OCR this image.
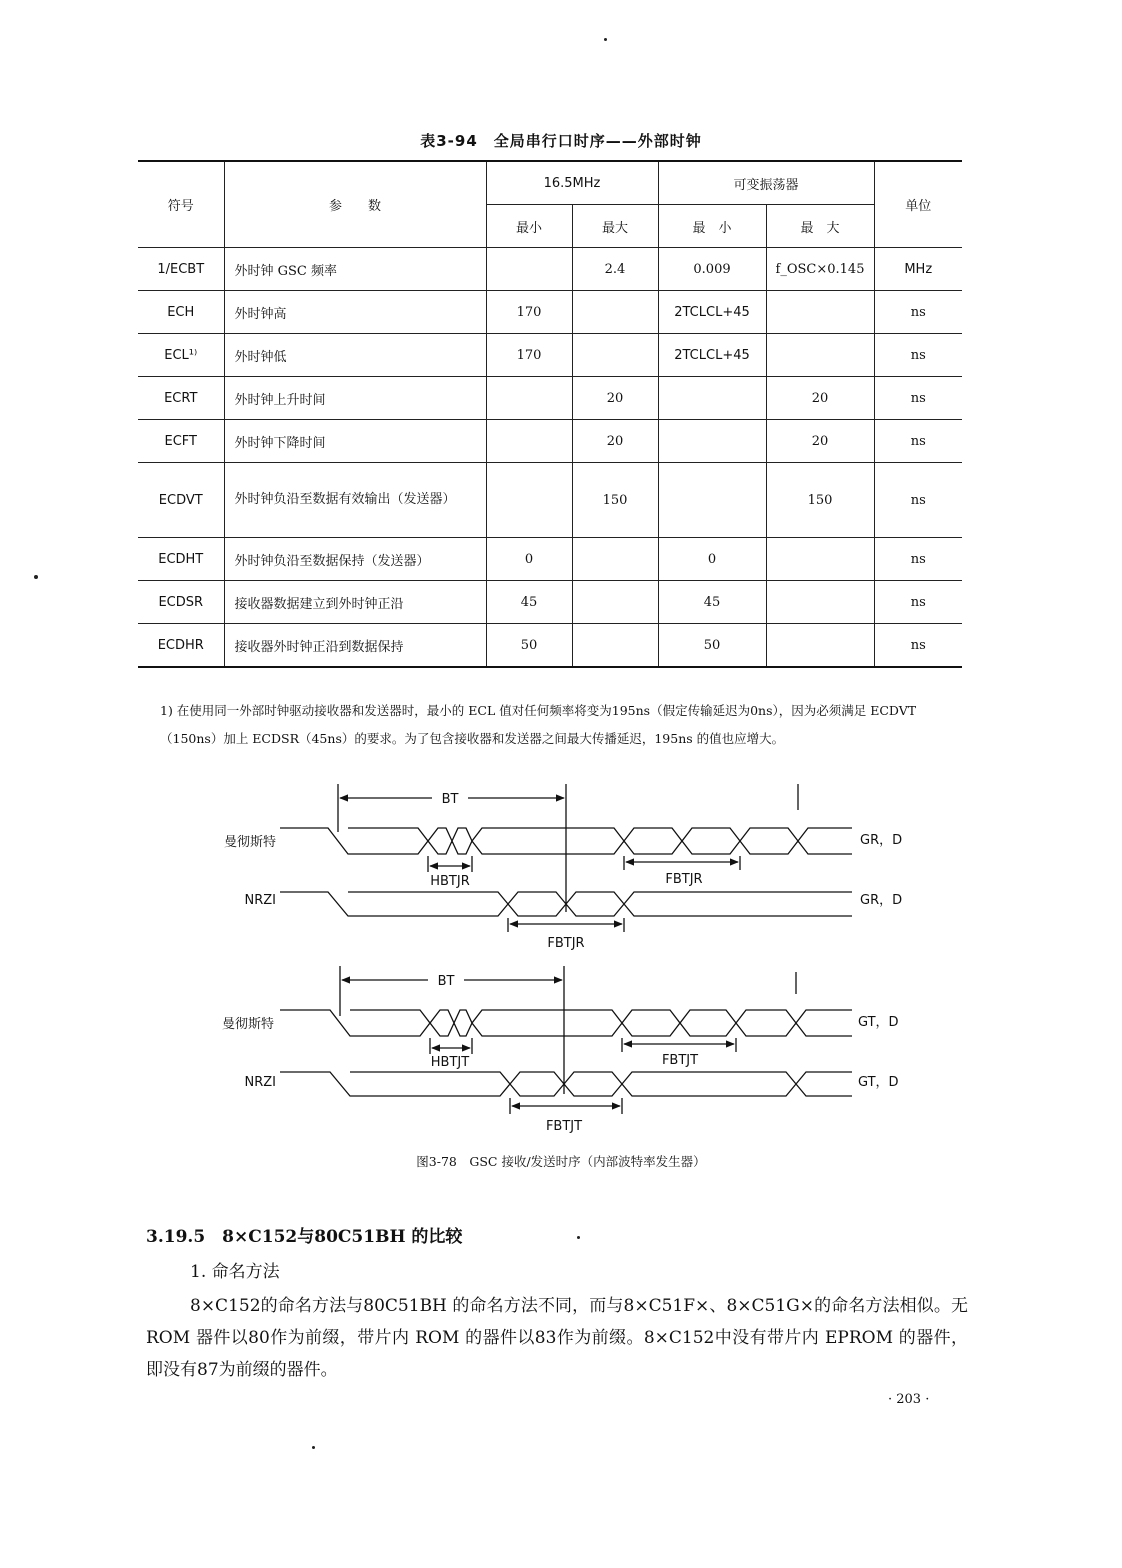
表3-94　全局串行口时序——外部时钟
符号	参　　数	16.5MHz		可变振荡器		单位
		最小	最大	最　小	最　大	
1/ECBT	外时钟 GSC 频率		2.4	0.009	f_OSC×0.145	MHz
ECH	外时钟高	170		2TCLCL+45		ns
ECL¹⁾	外时钟低	170		2TCLCL+45		ns
ECRT	外时钟上升时间		20		20	ns
ECFT	外时钟下降时间		20		20	ns
ECDVT	外时钟负沿至数据有效输出（发送器）		150		150	ns
ECDHT	外时钟负沿至数据保持（发送器）	0		0		ns
ECDSR	接收器数据建立到外时钟正沿	45		45		ns
ECDHR	接收器外时钟正沿到数据保持	50		50		ns
1) 在使用同一外部时钟驱动接收器和发送器时，最小的 ECL 值对任何频率将变为195ns（假定传输延迟为0ns），因为必须满足 ECDVT（150ns）加上 ECDSR（45ns）的要求。为了包含接收器和发送器之间最大传播延迟，195ns 的值也应增大。
BT
曼彻斯特	GR，D
HBTJR	FBTJR
NRZI	GR，D
FBTJR
BT
曼彻斯特	GT，D
HBTJT	FBTJT
NRZI	GT，D
FBTJT
图3-78　GSC 接收/发送时序（内部波特率发生器）
3.19.5　8×C152与80C51BH 的比较
1. 命名方法
8×C152的命名方法与80C51BH 的命名方法不同，而与8×C51F×、8×C51G×的命名方法相似。无 ROM 器件以80作为前缀，带片内 ROM 的器件以83作为前缀。8×C152中没有带片内 EPROM 的器件，即没有87为前缀的器件。
· 203 ·
